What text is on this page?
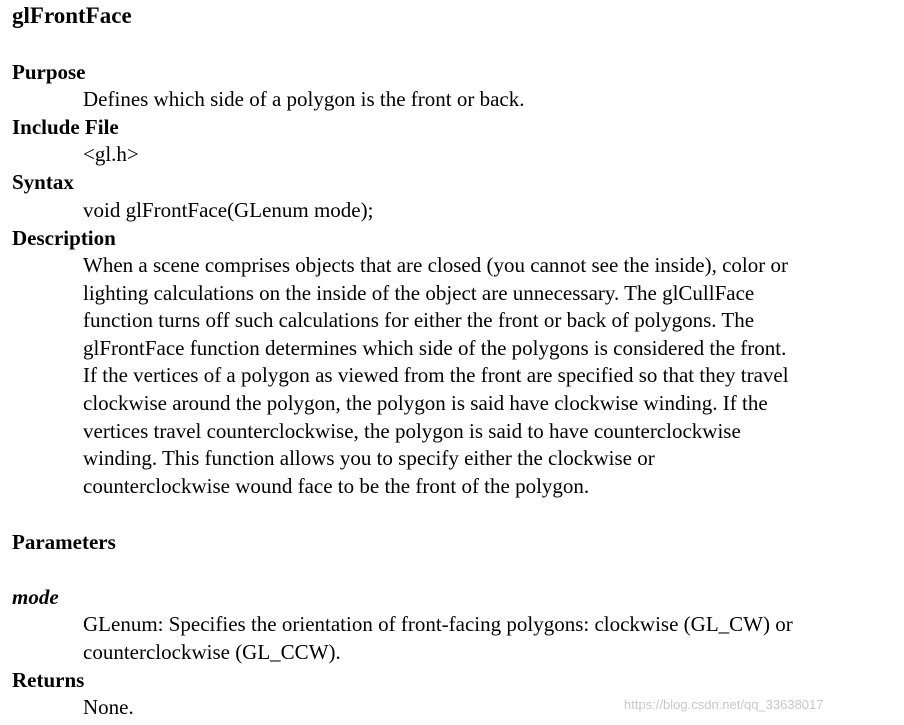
glFrontFace
Purpose
Defines which side of a polygon is the front or back.
Include File
<gl.h>
Syntax
void glFrontFace(GLenum mode);
Description
When a scene comprises objects that are closed (you cannot see the inside), color or
lighting calculations on the inside of the object are unnecessary. The glCullFace
function turns off such calculations for either the front or back of polygons. The
glFrontFace function determines which side of the polygons is considered the front.
If the vertices of a polygon as viewed from the front are specified so that they travel
clockwise around the polygon, the polygon is said have clockwise winding. If the
vertices travel counterclockwise, the polygon is said to have counterclockwise
winding. This function allows you to specify either the clockwise or
counterclockwise wound face to be the front of the polygon.
Parameters
mode
GLenum: Specifies the orientation of front-facing polygons: clockwise (GL_CW) or
counterclockwise (GL_CCW).
Returns
None.	https://blog.csdn.net/qq_33638017
